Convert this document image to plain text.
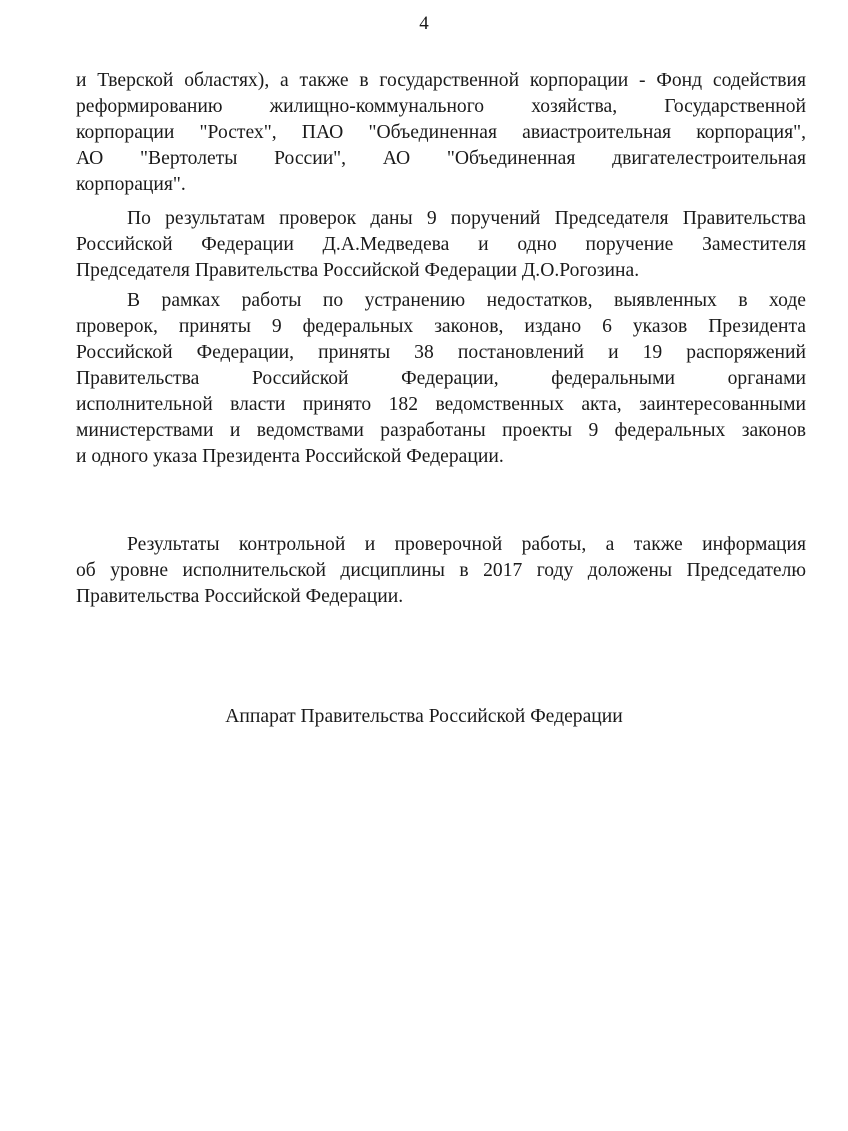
4
и Тверской областях), а также в государственной корпорации - Фонд содействия
реформированию жилищно-коммунального хозяйства, Государственной
корпорации "Ростех", ПАО "Объединенная авиастроительная корпорация",
АО "Вертолеты России", АО "Объединенная двигателестроительная
корпорация".
По результатам проверок даны 9 поручений Председателя Правительства
Российской Федерации Д.А.Медведева и одно поручение Заместителя
Председателя Правительства Российской Федерации Д.О.Рогозина.
В рамках работы по устранению недостатков, выявленных в ходе
проверок, приняты 9 федеральных законов, издано 6 указов Президента
Российской Федерации, приняты 38 постановлений и 19 распоряжений
Правительства Российской Федерации, федеральными органами
исполнительной власти принято 182 ведомственных акта, заинтересованными
министерствами и ведомствами разработаны проекты 9 федеральных законов
и одного указа Президента Российской Федерации.
Результаты контрольной и проверочной работы, а также информация
об уровне исполнительской дисциплины в 2017 году доложены Председателю
Правительства Российской Федерации.
Аппарат Правительства Российской Федерации
